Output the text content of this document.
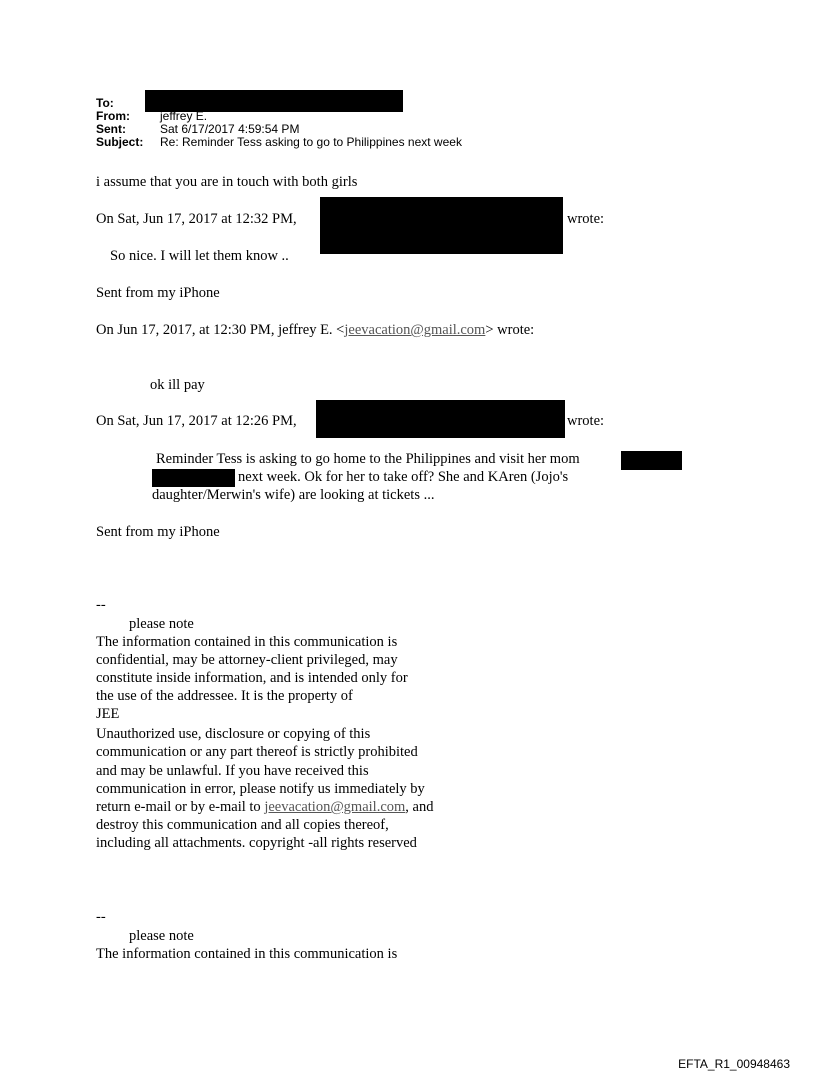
To:
From:	jeffrey E.
Sent:	Sat 6/17/2017 4:59:54 PM
Subject: Re: Reminder Tess asking to go to Philippines next week
i assume that you are in touch with both girls
On Sat, Jun 17, 2017 at 12:32 PM,	wrote:
So nice. I will let them know ..
Sent from my iPhone
On Jun 17, 2017, at 12:30 PM, jeffrey E. <jeevacation@gmail.com> wrote:
ok ill pay
On Sat, Jun 17, 2017 at 12:26 PM,	wrote:
Reminder Tess is asking to go home to the Philippines and visit her mom
next week. Ok for her to take off? She and KAren (Jojo's
daughter/Merwin's wife) are looking at tickets ...
Sent from my iPhone
--
please note
The information contained in this communication is
confidential, may be attorney-client privileged, may
constitute inside information, and is intended only for
the use of the addressee. It is the property of
JEE
Unauthorized use, disclosure or copying of this
communication or any part thereof is strictly prohibited
and may be unlawful. If you have received this
communication in error, please notify us immediately by
return e-mail or by e-mail to jeevacation@gmail.com, and
destroy this communication and all copies thereof,
including all attachments. copyright -all rights reserved
--
please note
The information contained in this communication is
EFTA_R1_00948463
